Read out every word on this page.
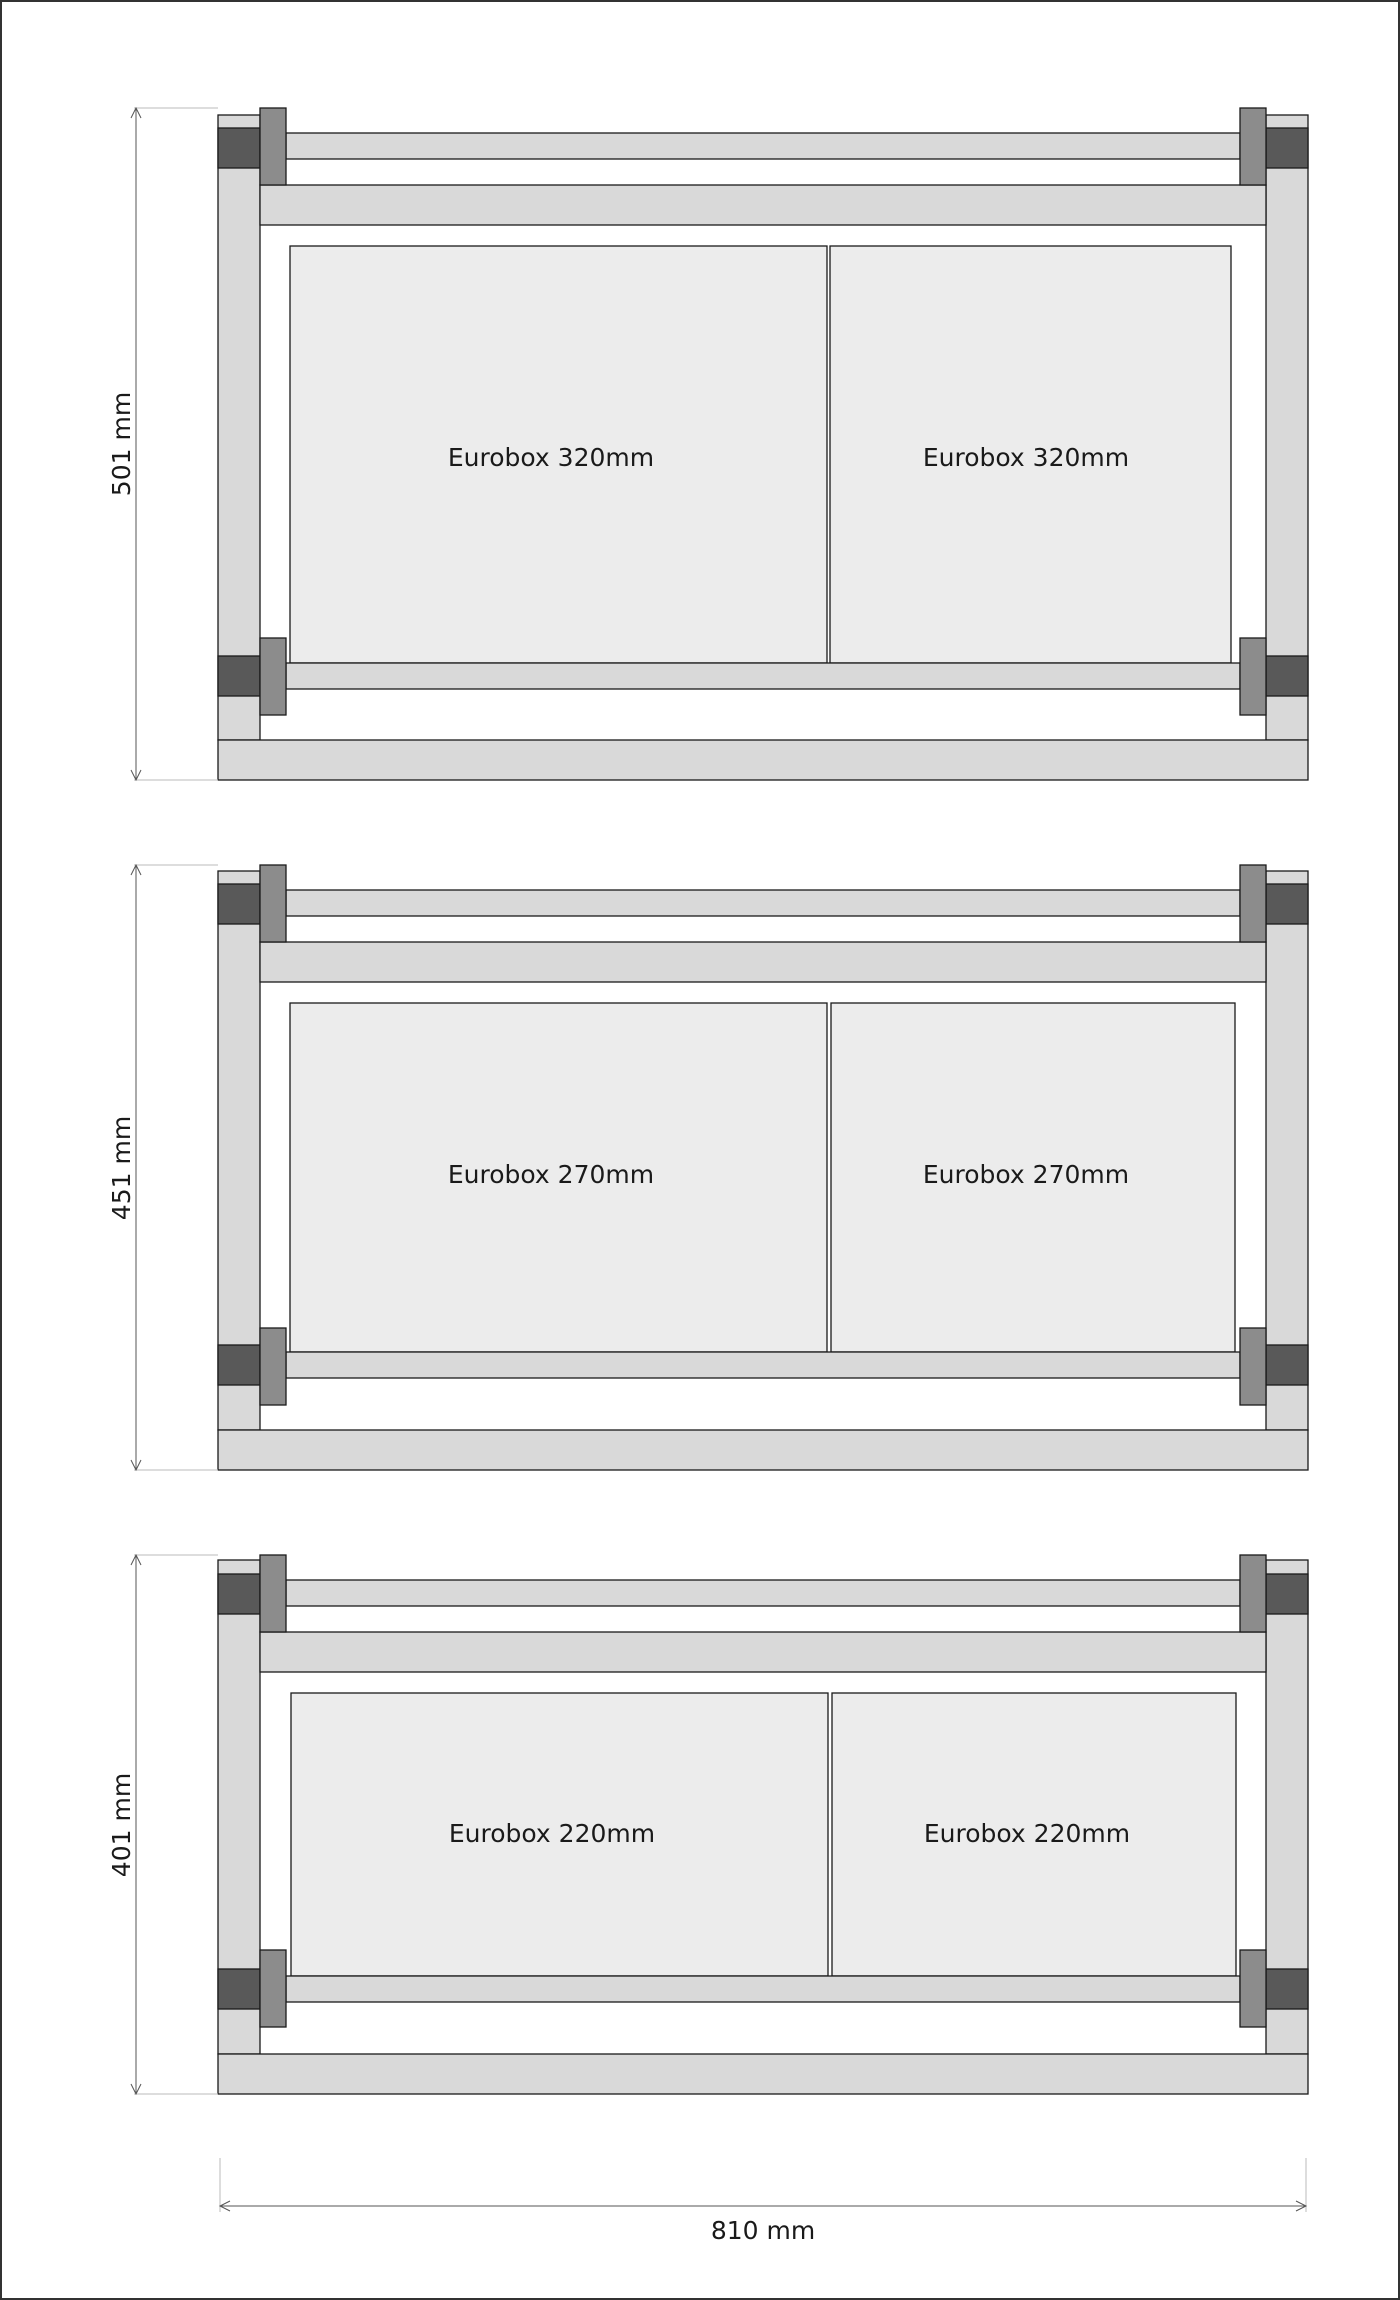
Eurobox 320mm	Eurobox 320mm
501 mm
Eurobox 270mm	Eurobox 270mm
451 mm
Eurobox 220mm	Eurobox 220mm
401 mm
810 mm
